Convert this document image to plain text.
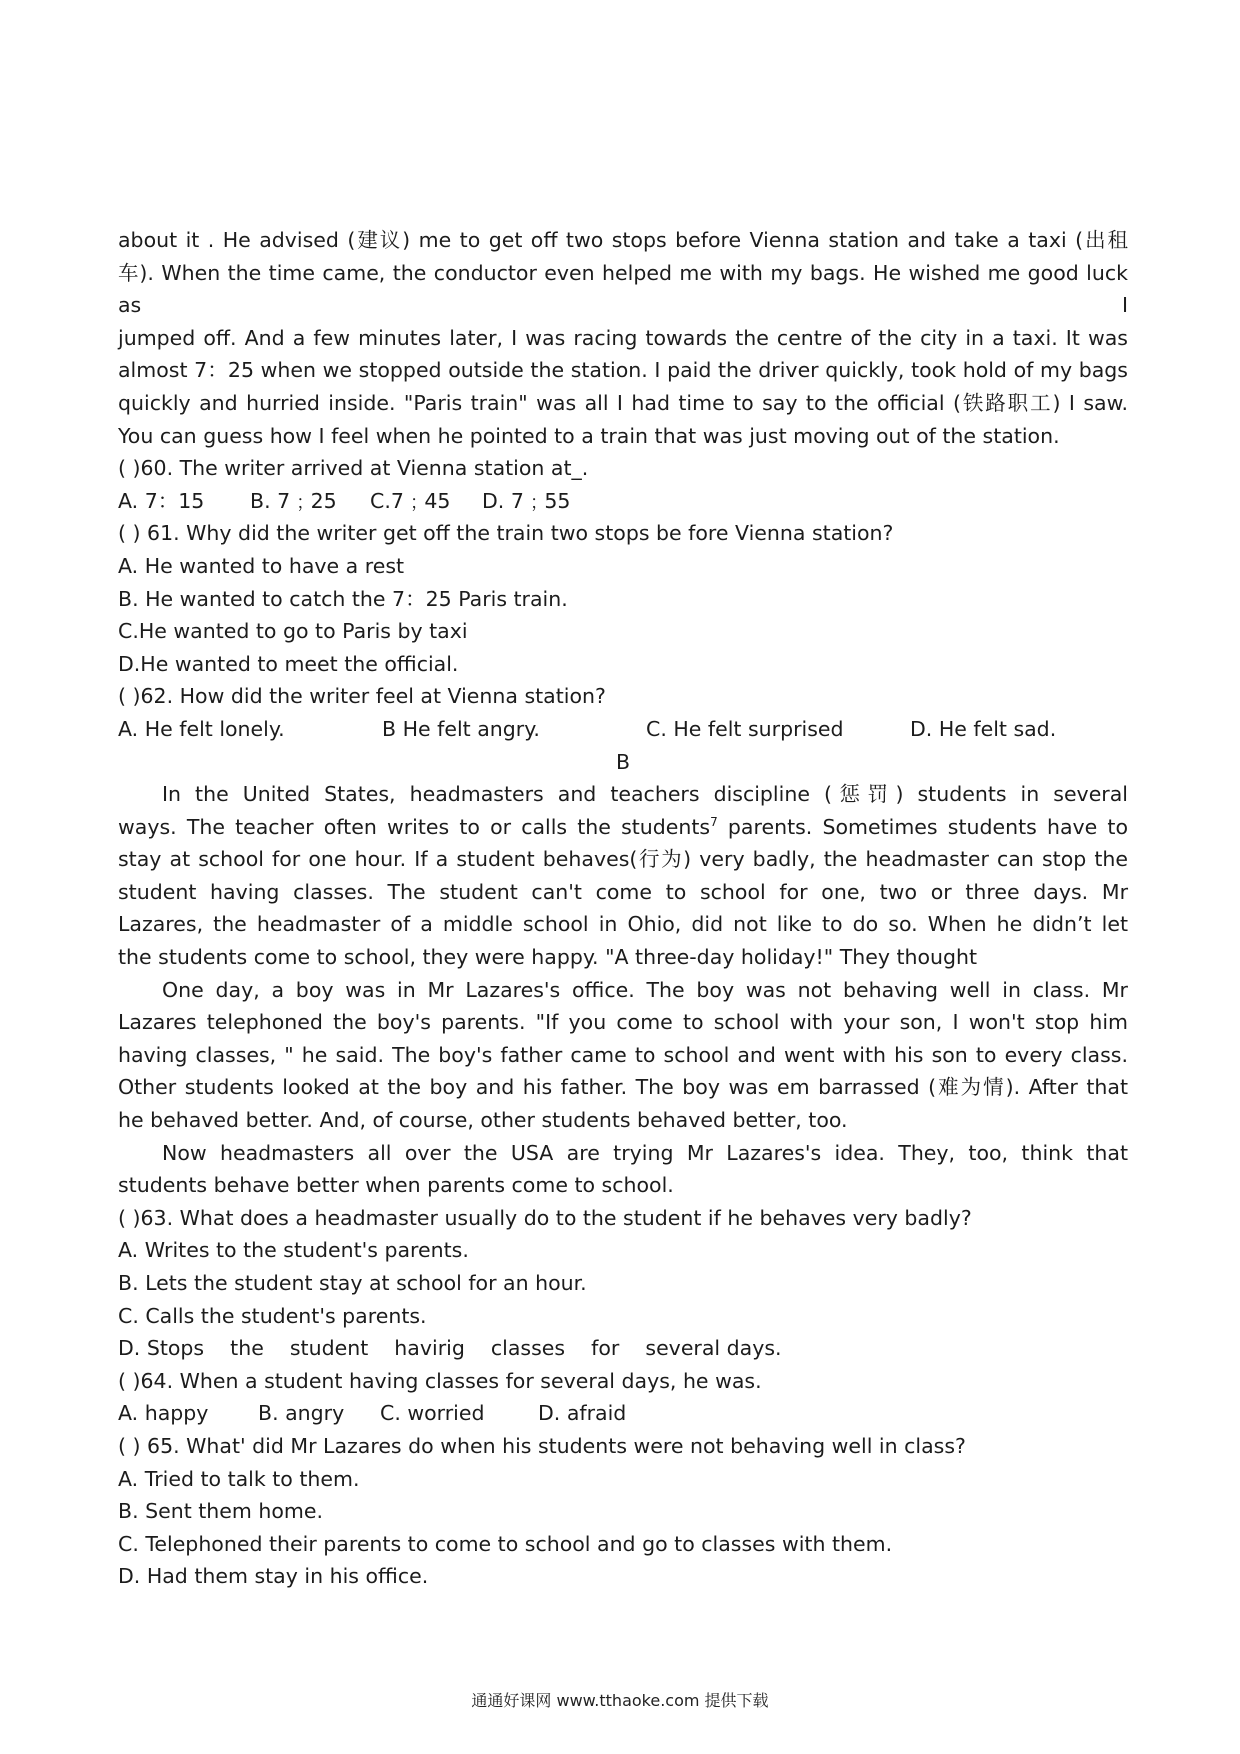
about it . He advised (建议) me to get off two stops before Vienna station and take a taxi (出租
车). When the time came, the conductor even helped me with my bags. He wished me good luck as I
jumped off. And a few minutes later, I was racing towards the centre of the city in a taxi. It was
almost 7：25 when we stopped outside the station. I paid the driver quickly, took hold of my bags
quickly and hurried inside. "Paris train" was all I had time to say to the official (铁路职工) I saw.
You can guess how I feel when he pointed to a train that was just moving out of the station.
( )60. The writer arrived at Vienna station at_.
A. 7：15 B. 7﹔25 C.7﹔45 D. 7﹔55
( ) 61. Why did the writer get off the train two stops be fore Vienna station?
A. He wanted to have a rest
B. He wanted to catch the 7：25 Paris train.
C.He wanted to go to Paris by taxi
D.He wanted to meet the official.
( )62. How did the writer feel at Vienna station?
A. He felt lonely.	B He felt angry.	C. He felt surprised	D. He felt sad.
B
In the United States, headmasters and teachers discipline (惩罚) students in several
ways. The teacher often writes to or calls the students$^7$ parents. Sometimes students have to
stay at school for one hour. If a student behaves(行为) very badly, the headmaster can stop the
student having classes. The student can't come to school for one, two or three days. Mr
Lazares, the headmaster of a middle school in Ohio, did not like to do so. When he didn’t let
the students come to school, they were happy. "A three-day holiday!" They thought
One day, a boy was in Mr Lazares's office. The boy was not behaving well in class. Mr
Lazares telephoned the boy's parents. "If you come to school with your son, I won't stop him
having classes, " he said. The boy's father came to school and went with his son to every class.
Other students looked at the boy and his father. The boy was em barrassed (难为情). After that
he behaved better. And, of course, other students behaved better, too.
Now headmasters all over the USA are trying Mr Lazares's idea. They, too, think that
students behave better when parents come to school.
( )63. What does a headmaster usually do to the student if he behaves very badly?
A. Writes to the student's parents.
B. Lets the student stay at school for an hour.
C. Calls the student's parents.
D. Stops    the    student    havirig    classes    for    several days.
( )64. When a student having classes for several days, he was.
A. happy B. angry C. worried	D. afraid
( ) 65. What' did Mr Lazares do when his students were not behaving well in class?
A. Tried to talk to them.
B. Sent them home.
C. Telephoned their parents to come to school and go to classes with them.
D. Had them stay in his office.
通通好课网 www.tthaoke.com 提供下载
